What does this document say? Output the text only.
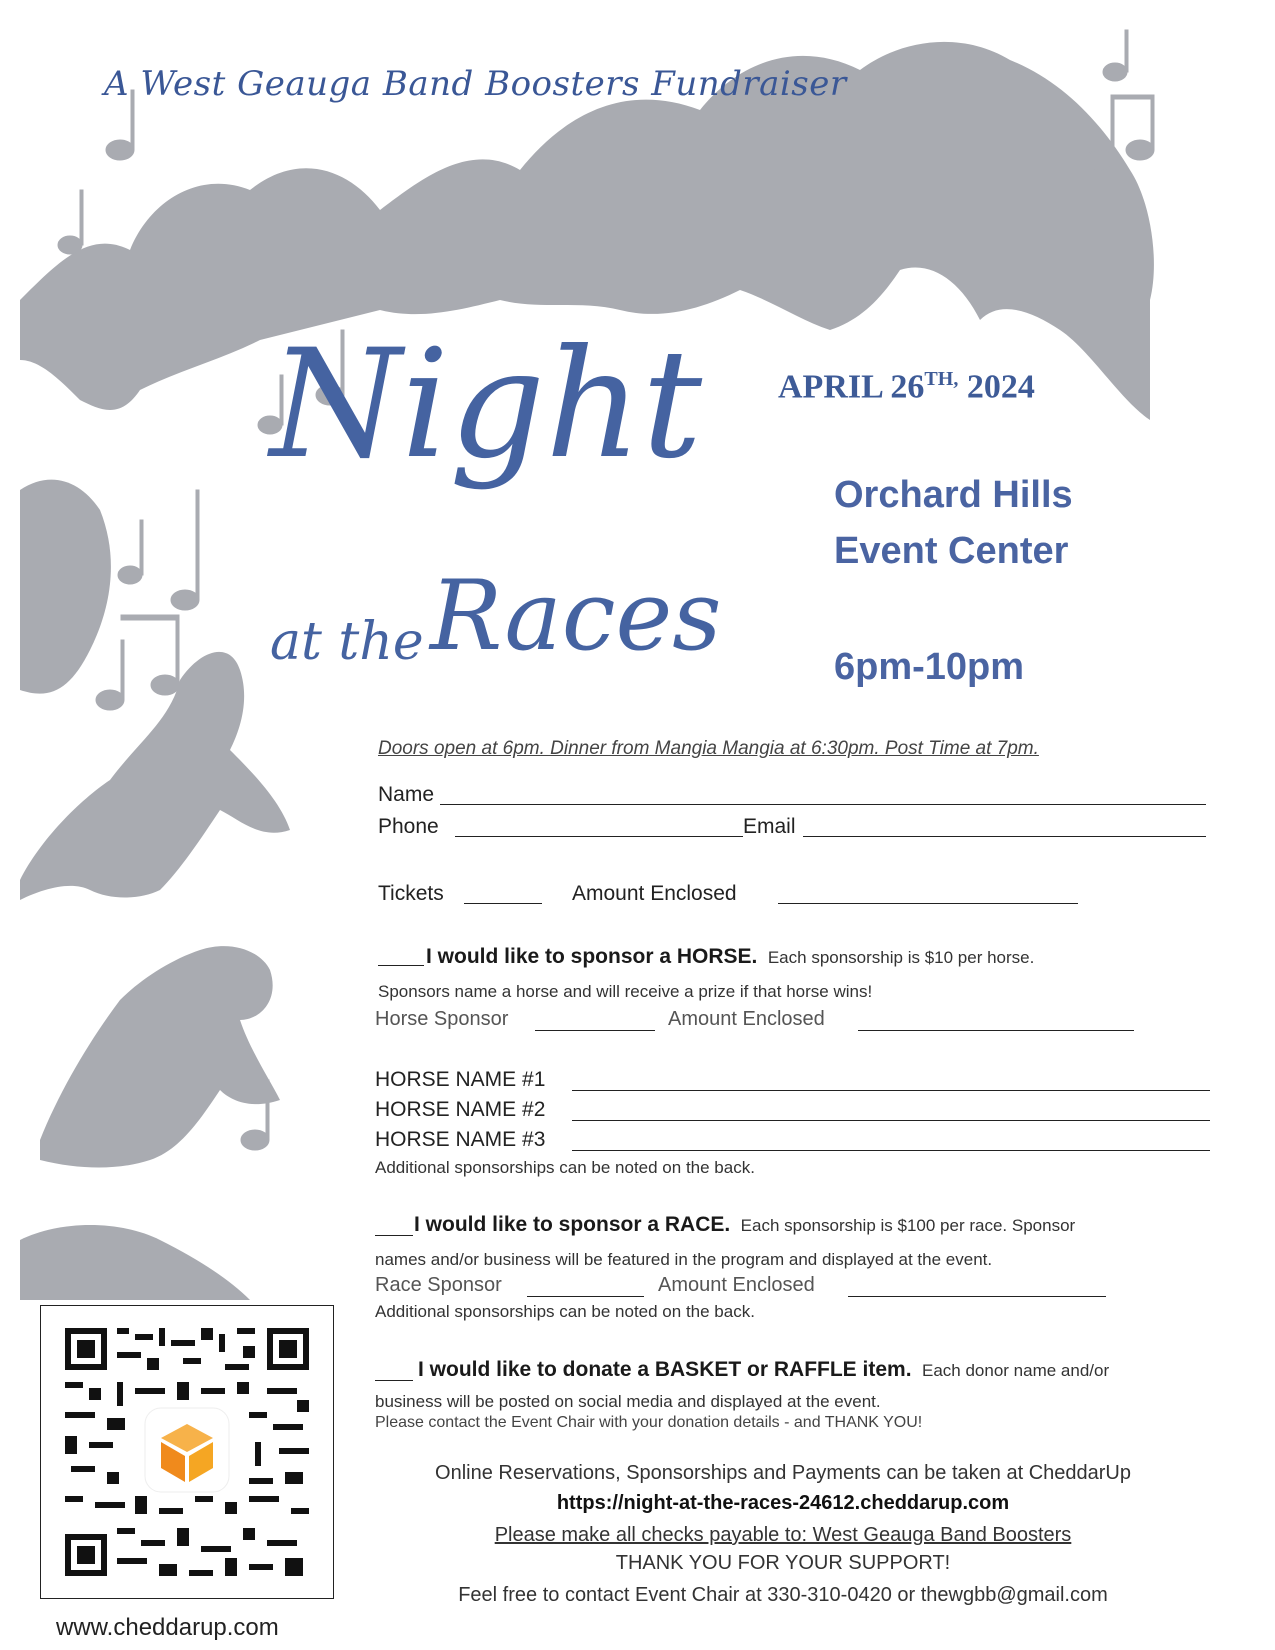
A West Geauga Band Boosters Fundraiser
Night
at the Races
APRIL $26^{TH,}$ 2024
Orchard Hills
Event Center
6pm-10pm
Doors open at 6pm. Dinner from Mangia Mangia at 6:30pm. Post Time at 7pm.
Name
Phone	Email
Tickets	Amount Enclosed
I would like to sponsor a HORSE. Each sponsorship is $10 per horse.
Sponsors name a horse and will receive a prize if that horse wins!
Horse Sponsor	Amount Enclosed
HORSE NAME #1
HORSE NAME #2
HORSE NAME #3
Additional sponsorships can be noted on the back.
I would like to sponsor a RACE. Each sponsorship is $100 per race. Sponsor
names and/or business will be featured in the program and displayed at the event.
Race Sponsor	Amount Enclosed
Additional sponsorships can be noted on the back.
I would like to donate a BASKET or RAFFLE item. Each donor name and/or
business will be posted on social media and displayed at the event.
Please contact the Event Chair with your donation details - and THANK YOU!
Online Reservations, Sponsorships and Payments can be taken at CheddarUp
https://night-at-the-races-24612.cheddarup.com
Please make all checks payable to: West Geauga Band Boosters
THANK YOU FOR YOUR SUPPORT!
Feel free to contact Event Chair at 330-310-0420 or thewgbb@gmail.com
www.cheddarup.com
